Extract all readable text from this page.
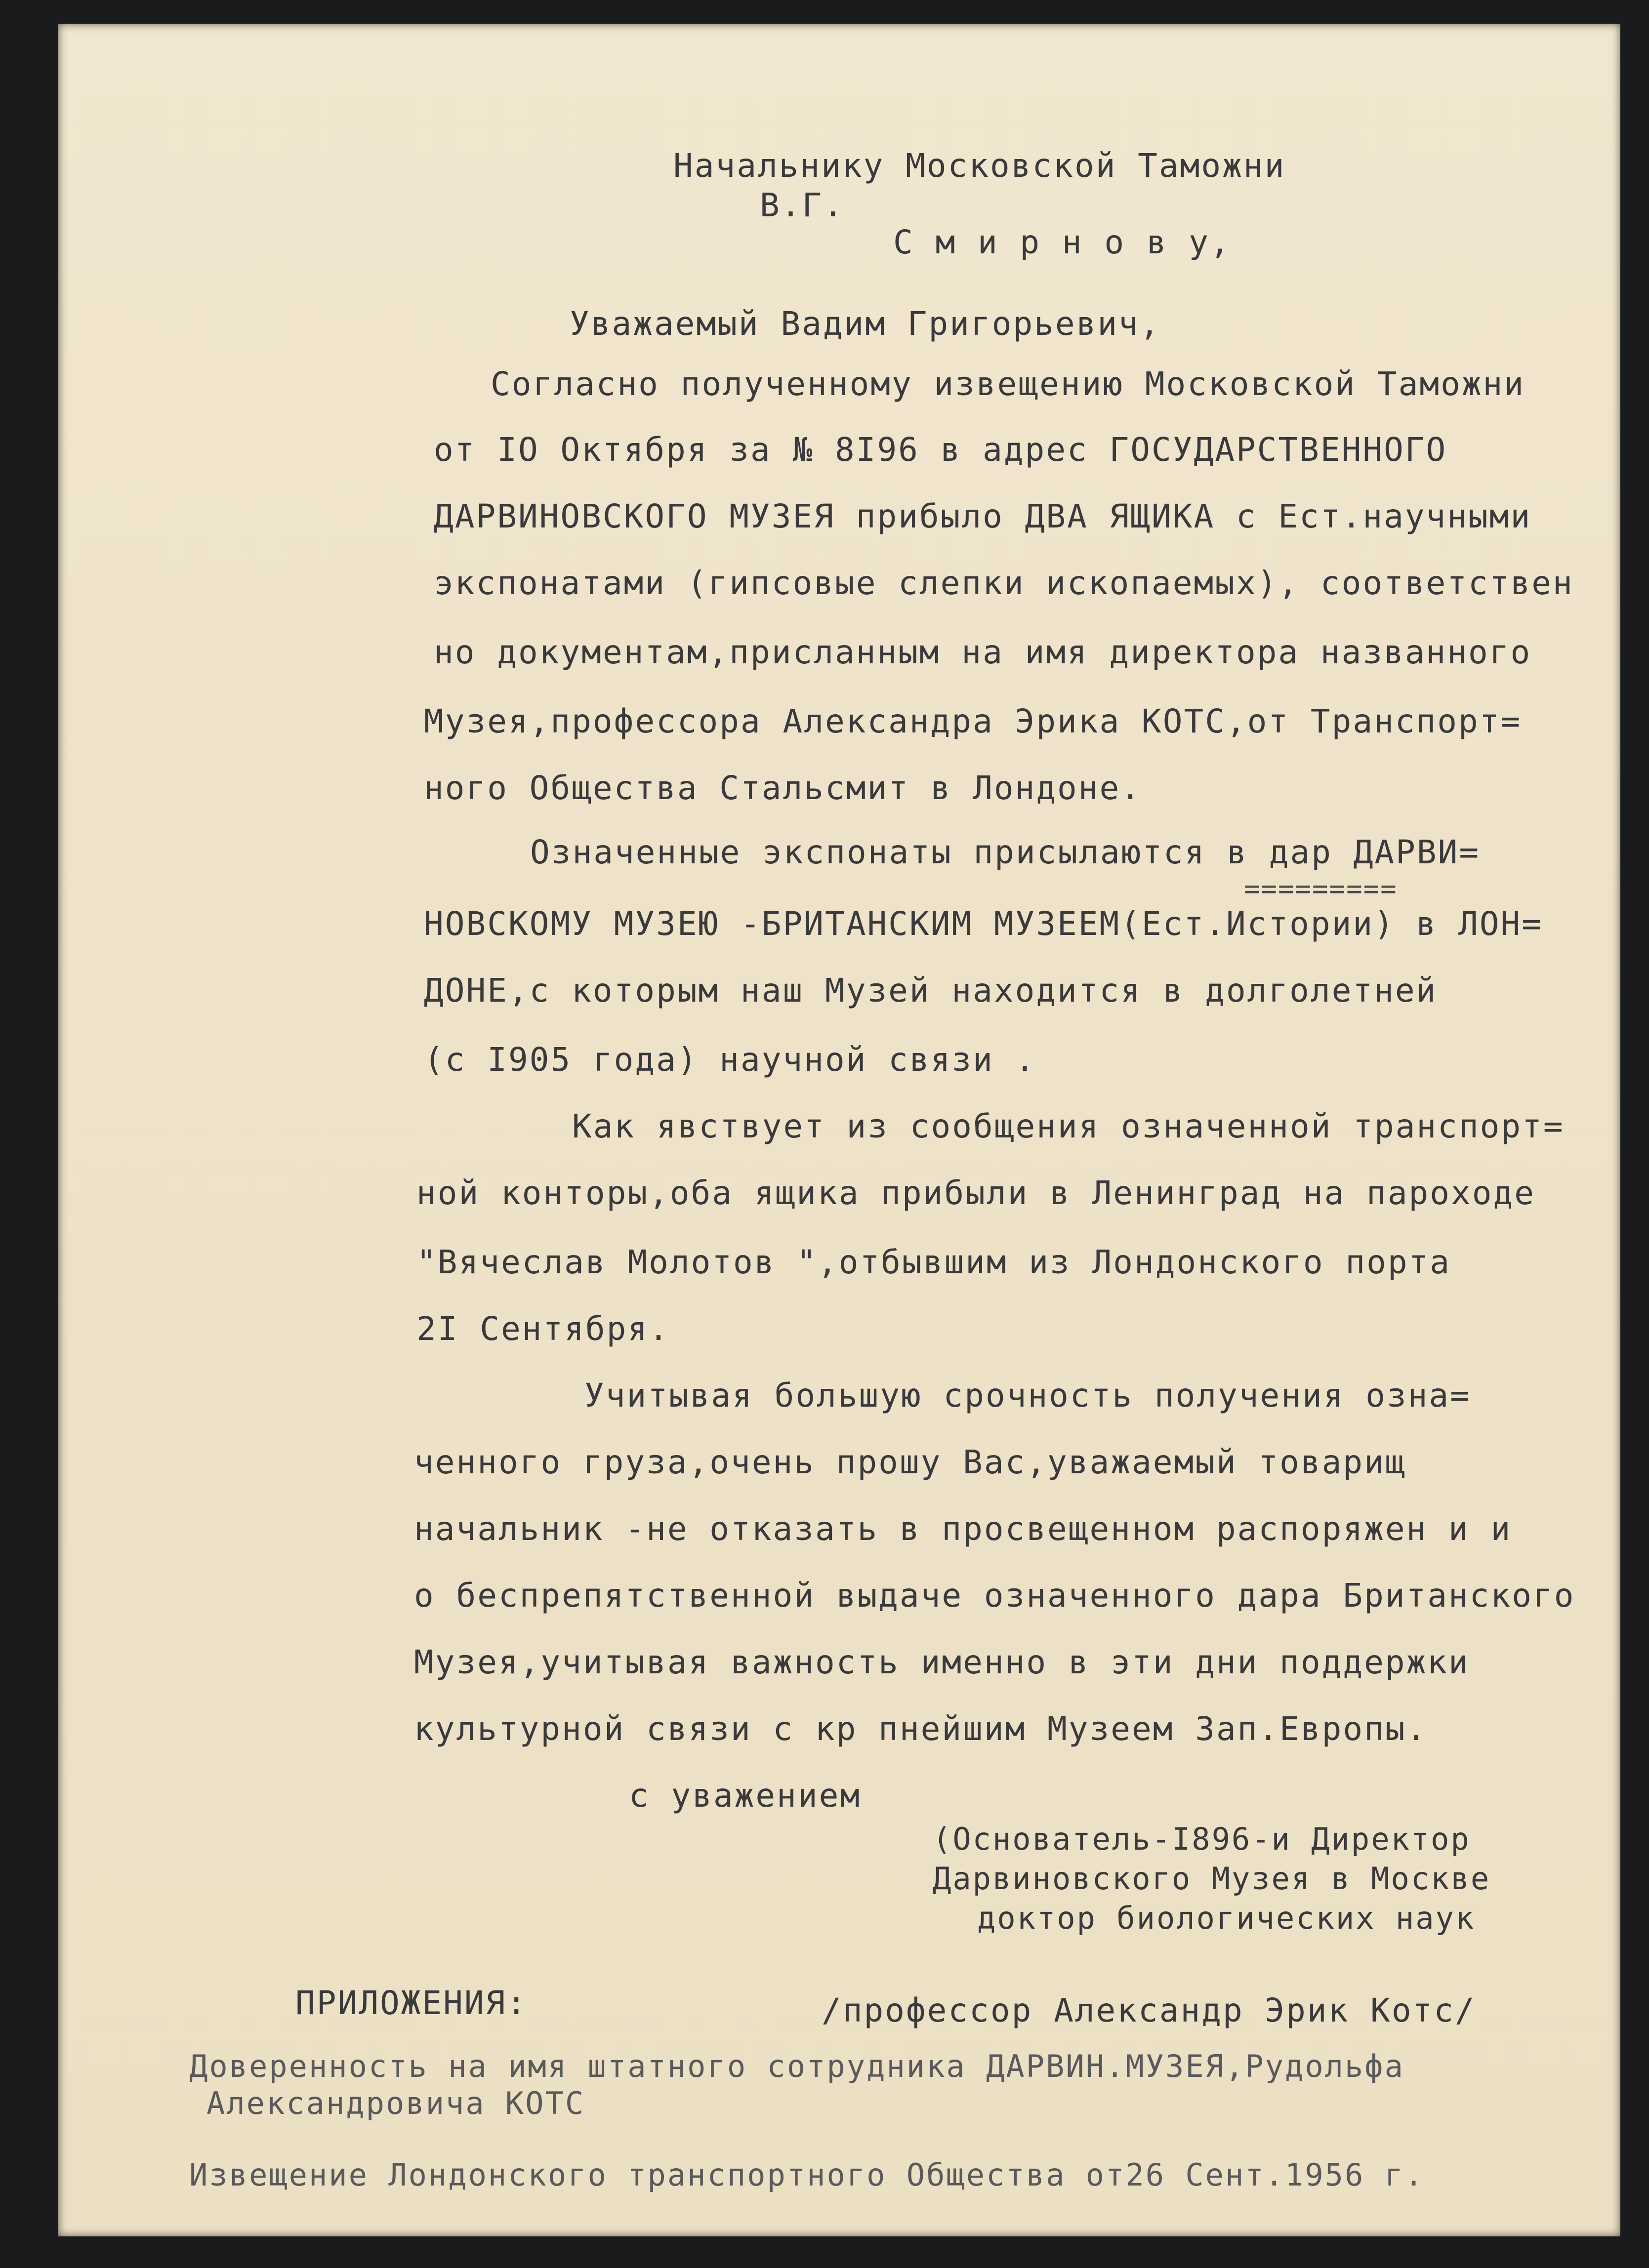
Начальнику Московской Таможни
В.Г.
С м и р н о в у,
Уважаемый Вадим Григорьевич,
Согласно полученному извещению Московской Таможни
от IO Октября за № 8I96 в адрес ГОСУДАРСТВЕННОГО
ДАРВИНОВСКОГО МУЗЕЯ прибыло ДВА ЯЩИКА с Ест.научными
экспонатами (гипсовые слепки ископаемых), соответствен
но документам,присланным на имя директора названного
Музея,профессора Александра Эрика КОТС,от Транспорт=
ного Общества Стальсмит в Лондоне.
Означенные экспонаты присылаются в дар ДАРВИ=
=========
НОВСКОМУ МУЗЕЮ -БРИТАНСКИМ МУЗЕЕМ(Ест.Истории) в ЛОН=
ДОНЕ,с которым наш Музей находится в долголетней
(с I905 года) научной связи .
Как явствует из сообщения означенной транспорт=
ной конторы,оба ящика прибыли в Ленинград на пароходе
"Вячеслав Молотов ",отбывшим из Лондонского порта
2I Сентября.
Учитывая большую срочность получения озна=
ченного груза,очень прошу Вас,уважаемый товарищ
начальник -не отказать в просвещенном распоряжен и и
о беспрепятственной выдаче означенного дара Британского
Музея,учитывая важность именно в эти дни поддержки
культурной связи с кр пнейшим Музеем Зап.Европы.
с уважением
(Основатель-I896-и Директор
Дарвиновского Музея в Москве
доктор биологических наук
ПРИЛОЖЕНИЯ:	/профессор Александр Эрик Котс/
Доверенность на имя штатного сотрудника ДАРВИН.МУЗЕЯ,Рудольфа
Александровича КОТС
Извещение Лондонского транспортного Общества от26 Сент.1956 г.
